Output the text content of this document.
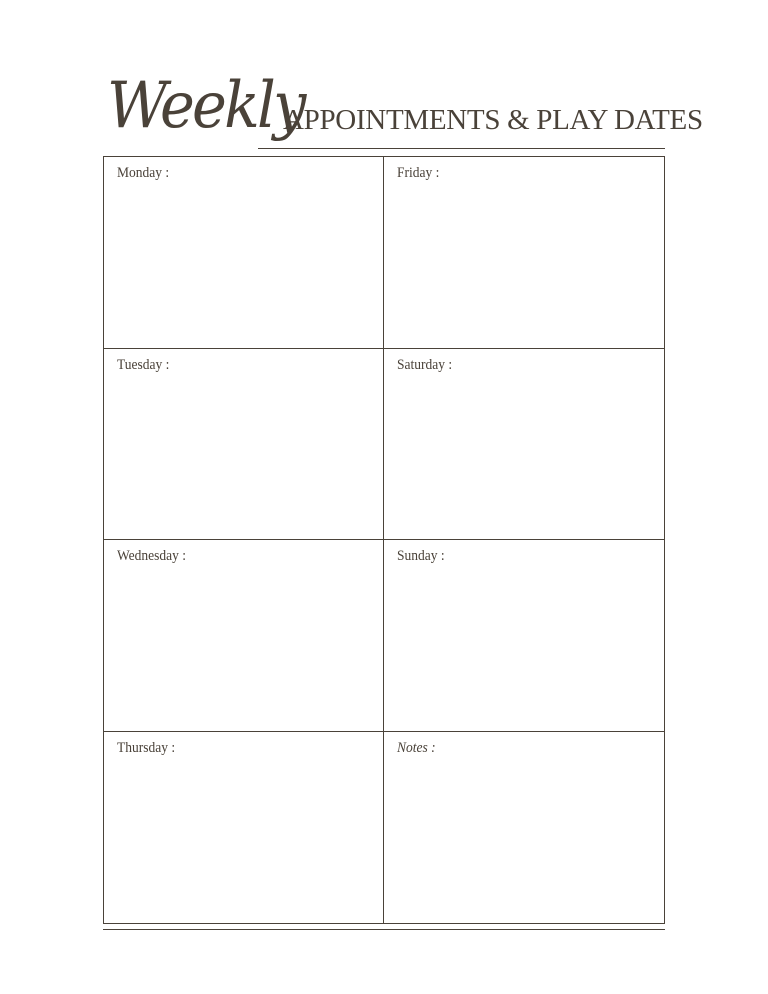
Weekly
APPOINTMENTS & PLAY DATES
Monday :	Friday :
Tuesday :	Saturday :
Wednesday :	Sunday :
Thursday :	Notes :
